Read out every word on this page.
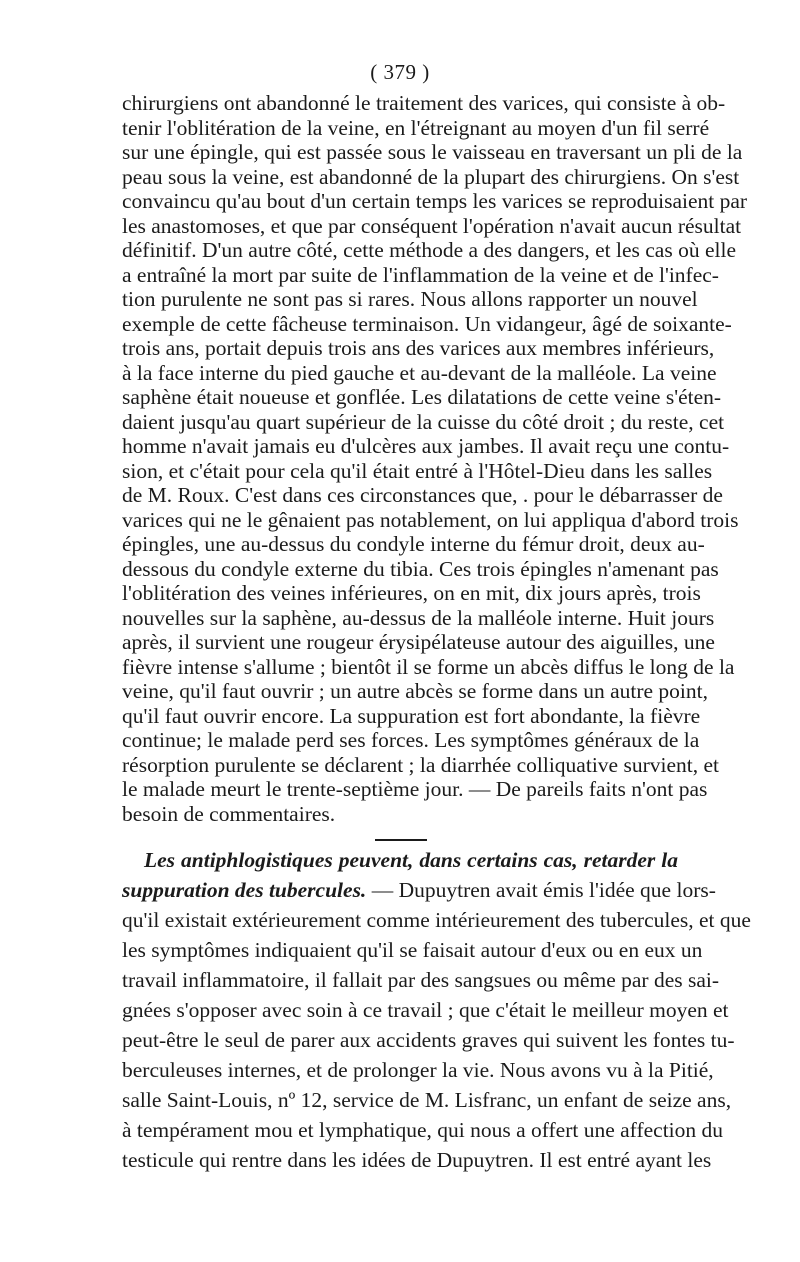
( 379 )
chirurgiens ont abandonné le traitement des varices, qui consiste à ob-
tenir l'oblitération de la veine, en l'étreignant au moyen d'un fil serré
sur une épingle, qui est passée sous le vaisseau en traversant un pli de la
peau sous la veine, est abandonné de la plupart des chirurgiens. On s'est
convaincu qu'au bout d'un certain temps les varices se reproduisaient par
les anastomoses, et que par conséquent l'opération n'avait aucun résultat
définitif. D'un autre côté, cette méthode a des dangers, et les cas où elle
a entraîné la mort par suite de l'inflammation de la veine et de l'infec-
tion purulente ne sont pas si rares. Nous allons rapporter un nouvel
exemple de cette fâcheuse terminaison. Un vidangeur, âgé de soixante-
trois ans, portait depuis trois ans des varices aux membres inférieurs,
à la face interne du pied gauche et au-devant de la malléole. La veine
saphène était noueuse et gonflée. Les dilatations de cette veine s'éten-
daient jusqu'au quart supérieur de la cuisse du côté droit ; du reste, cet
homme n'avait jamais eu d'ulcères aux jambes. Il avait reçu une contu-
sion, et c'était pour cela qu'il était entré à l'Hôtel-Dieu dans les salles
de M. Roux. C'est dans ces circonstances que, . pour le débarrasser de
varices qui ne le gênaient pas notablement, on lui appliqua d'abord trois
épingles, une au-dessus du condyle interne du fémur droit, deux au-
dessous du condyle externe du tibia. Ces trois épingles n'amenant pas
l'oblitération des veines inférieures, on en mit, dix jours après, trois
nouvelles sur la saphène, au-dessus de la malléole interne. Huit jours
après, il survient une rougeur érysipélateuse autour des aiguilles, une
fièvre intense s'allume ; bientôt il se forme un abcès diffus le long de la
veine, qu'il faut ouvrir ; un autre abcès se forme dans un autre point,
qu'il faut ouvrir encore. La suppuration est fort abondante, la fièvre
continue; le malade perd ses forces. Les symptômes généraux de la
résorption purulente se déclarent ; la diarrhée colliquative survient, et
le malade meurt le trente-septième jour. — De pareils faits n'ont pas
besoin de commentaires.
Les antiphlogistiques peuvent, dans certains cas, retarder la
suppuration des tubercules. — Dupuytren avait émis l'idée que lors-
qu'il existait extérieurement comme intérieurement des tubercules, et que
les symptômes indiquaient qu'il se faisait autour d'eux ou en eux un
travail inflammatoire, il fallait par des sangsues ou même par des sai-
gnées s'opposer avec soin à ce travail ; que c'était le meilleur moyen et
peut-être le seul de parer aux accidents graves qui suivent les fontes tu-
berculeuses internes, et de prolonger la vie. Nous avons vu à la Pitié,
salle Saint-Louis, nº 12, service de M. Lisfranc, un enfant de seize ans,
à tempérament mou et lymphatique, qui nous a offert une affection du
testicule qui rentre dans les idées de Dupuytren. Il est entré ayant les
